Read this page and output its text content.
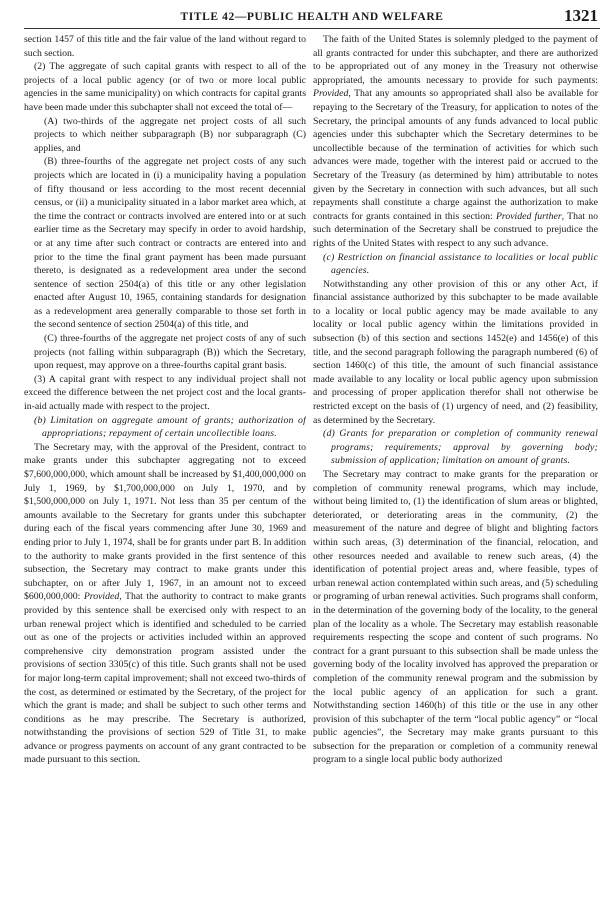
TITLE 42—PUBLIC HEALTH AND WELFARE	1321

section 1457 of this title and the fair value of the land without regard to such section.

(2) The aggregate of such capital grants with respect to all of the projects of a local public agency (or of two or more local public agencies in the same municipality) on which contracts for capital grants have been made under this subchapter shall not exceed the total of—

(A) two-thirds of the aggregate net project costs of all such projects to which neither subparagraph (B) nor subparagraph (C) applies, and

(B) three-fourths of the aggregate net project costs of any such projects which are located in (i) a municipality having a population of fifty thousand or less according to the most recent decennial census, or (ii) a municipality situated in a labor market area which, at the time the contract or contracts involved are entered into or at such earlier time as the Secretary may specify in order to avoid hardship, or at any time after such contract or contracts are entered into and prior to the time the final grant payment has been made pursuant thereto, is designated as a redevelopment area under the second sentence of section 2504(a) of this title or any other legislation enacted after August 10, 1965, containing standards for designation as a redevelopment area generally comparable to those set forth in the second sentence of section 2504(a) of this title, and

(C) three-fourths of the aggregate net project costs of any of such projects (not falling within subparagraph (B)) which the Secretary, upon request, may approve on a three-fourths capital grant basis.

(3) A capital grant with respect to any individual project shall not exceed the difference between the net project cost and the local grants-in-aid actually made with respect to the project.

(b) Limitation on aggregate amount of grants; authorization of appropriations; repayment of certain uncollectible loans.

The Secretary may, with the approval of the President, contract to make grants under this subchapter aggregating not to exceed $7,600,000,000, which amount shall be increased by $1,400,000,000 on July 1, 1969, by $1,700,000,000 on July 1, 1970, and by $1,500,000,000 on July 1, 1971. Not less than 35 per centum of the amounts available to the Secretary for grants under this subchapter during each of the fiscal years commencing after June 30, 1969 and ending prior to July 1, 1974, shall be for grants under part B. In addition to the authority to make grants provided in the first sentence of this subsection, the Secretary may contract to make grants under this subchapter, on or after July 1, 1967, in an amount not to exceed $600,000,000: Provided, That the authority to contract to make grants provided by this sentence shall be exercised only with respect to an urban renewal project which is identified and scheduled to be carried out as one of the projects or activities included within an approved comprehensive city demonstration program assisted under the provisions of section 3305(c) of this title. Such grants shall not be used for major long-term capital improvement; shall not exceed two-thirds of the cost, as determined or estimated by the Secretary, of the project for which the grant is made; and shall be subject to such other terms and conditions as he may prescribe. The Secretary is authorized, notwithstanding the provisions of section 529 of Title 31, to make advance or progress payments on account of any grant contracted to be made pursuant to this section.

The faith of the United States is solemnly pledged to the payment of all grants contracted for under this subchapter, and there are authorized to be appropriated out of any money in the Treasury not otherwise appropriated, the amounts necessary to provide for such payments: Provided, That any amounts so appropriated shall also be available for repaying to the Secretary of the Treasury, for application to notes of the Secretary, the principal amounts of any funds advanced to local public agencies under this subchapter which the Secretary determines to be uncollectible because of the termination of activities for which such advances were made, together with the interest paid or accrued to the Secretary of the Treasury (as determined by him) attributable to notes given by the Secretary in connection with such advances, but all such repayments shall constitute a charge against the authorization to make contracts for grants contained in this section: Provided further, That no such determination of the Secretary shall be construed to prejudice the rights of the United States with respect to any such advance.

(c) Restriction on financial assistance to localities or local public agencies.

Notwithstanding any other provision of this or any other Act, if financial assistance authorized by this subchapter to be made available to a locality or local public agency may be made available to any locality or local public agency within the limitations provided in subsection (b) of this section and sections 1452(e) and 1456(e) of this title, and the second paragraph following the paragraph numbered (6) of section 1460(c) of this title, the amount of such financial assistance made available to any locality or local public agency upon submission and processing of proper application therefor shall not otherwise be restricted except on the basis of (1) urgency of need, and (2) feasibility, as determined by the Secretary.

(d) Grants for preparation or completion of community renewal programs; requirements; approval by governing body; submission of application; limitation on amount of grants.

The Secretary may contract to make grants for the preparation or completion of community renewal programs, which may include, without being limited to, (1) the identification of slum areas or blighted, deteriorated, or deteriorating areas in the community, (2) the measurement of the nature and degree of blight and blighting factors within such areas, (3) determination of the financial, relocation, and other resources needed and available to renew such areas, (4) the identification of potential project areas and, where feasible, types of urban renewal action contemplated within such areas, and (5) scheduling or programing of urban renewal activities. Such programs shall conform, in the determination of the governing body of the locality, to the general plan of the locality as a whole. The Secretary may establish reasonable requirements respecting the scope and content of such programs. No contract for a grant pursuant to this subsection shall be made unless the governing body of the locality involved has approved the preparation or completion of the community renewal program and the submission by the local public agency of an application for such a grant. Notwithstanding section 1460(h) of this title or the use in any other provision of this subchapter of the term “local public agency” or “local public agencies”, the Secretary may make grants pursuant to this subsection for the preparation or completion of a community renewal program to a single local public body authorized
